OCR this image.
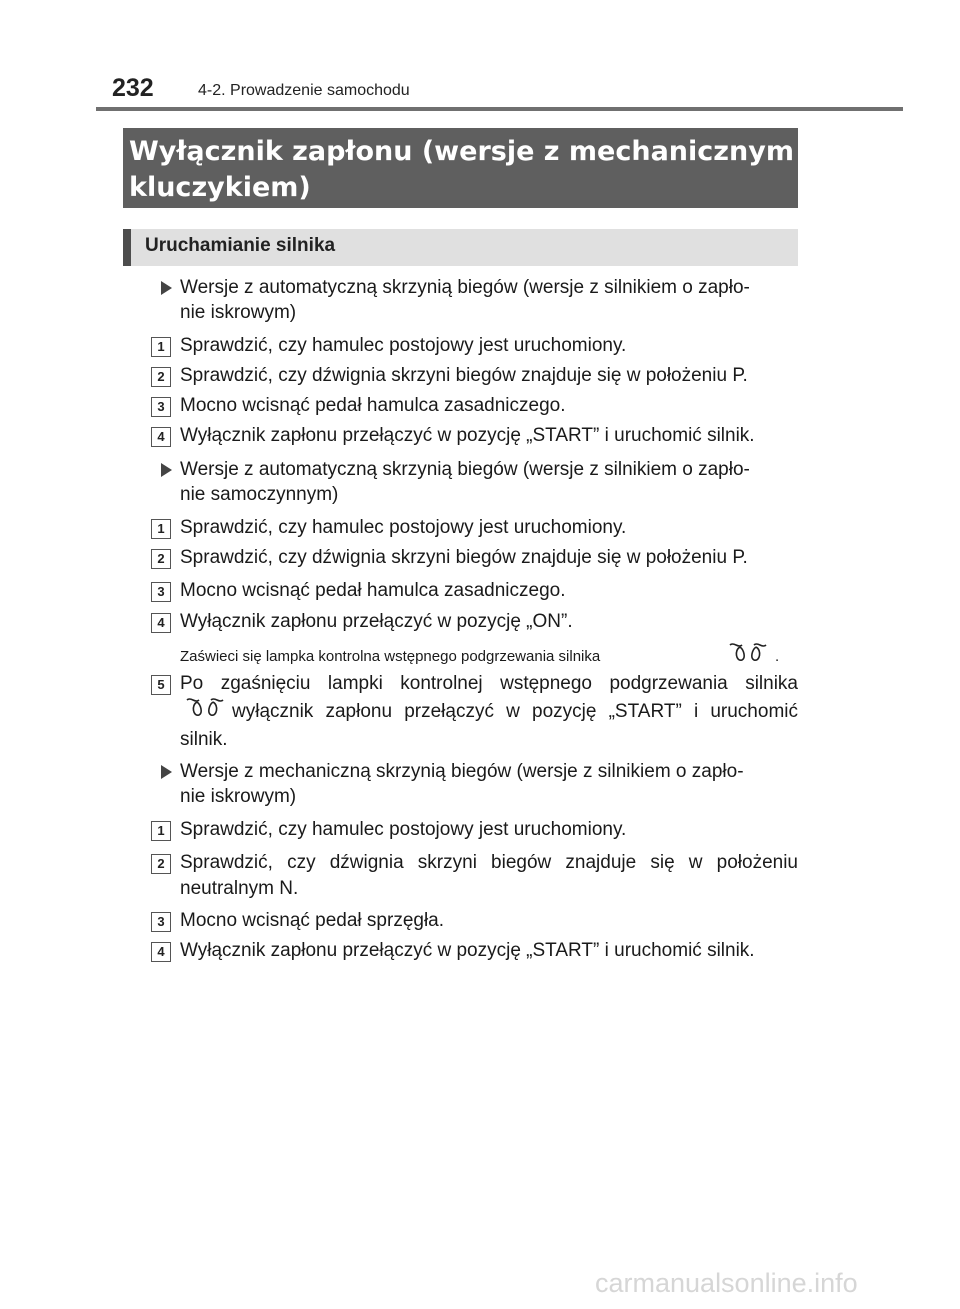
232	4-2. Prowadzenie samochodu
Wyłącznik zapłonu (wersje z mechanicznym
kluczykiem)
Uruchamianie silnika
Wersje z automatyczną skrzynią biegów (wersje z silnikiem o zapło-
nie iskrowym)
1 Sprawdzić, czy hamulec postojowy jest uruchomiony.
2 Sprawdzić, czy dźwignia skrzyni biegów znajduje się w położeniu P.
3 Mocno wcisnąć pedał hamulca zasadniczego.
4 Wyłącznik zapłonu przełączyć w pozycję „START” i uruchomić silnik.
Wersje z automatyczną skrzynią biegów (wersje z silnikiem o zapło-
nie samoczynnym)
1 Sprawdzić, czy hamulec postojowy jest uruchomiony.
2 Sprawdzić, czy dźwignia skrzyni biegów znajduje się w położeniu P.
3 Mocno wcisnąć pedał hamulca zasadniczego.
4 Wyłącznik zapłonu przełączyć w pozycję „ON”.
Zaświeci się lampka kontrolna wstępnego podgrzewania silnika	.
5 Po zgaśnięciu lampki kontrolnej wstępnego podgrzewania silnika
wyłącznik zapłonu przełączyć w pozycję „START” i uruchomić
silnik.
Wersje z mechaniczną skrzynią biegów (wersje z silnikiem o zapło-
nie iskrowym)
1 Sprawdzić, czy hamulec postojowy jest uruchomiony.
2 Sprawdzić, czy dźwignia skrzyni biegów znajduje się w położeniu
neutralnym N.
3 Mocno wcisnąć pedał sprzęgła.
4 Wyłącznik zapłonu przełączyć w pozycję „START” i uruchomić silnik.
carmanualsonline.info
